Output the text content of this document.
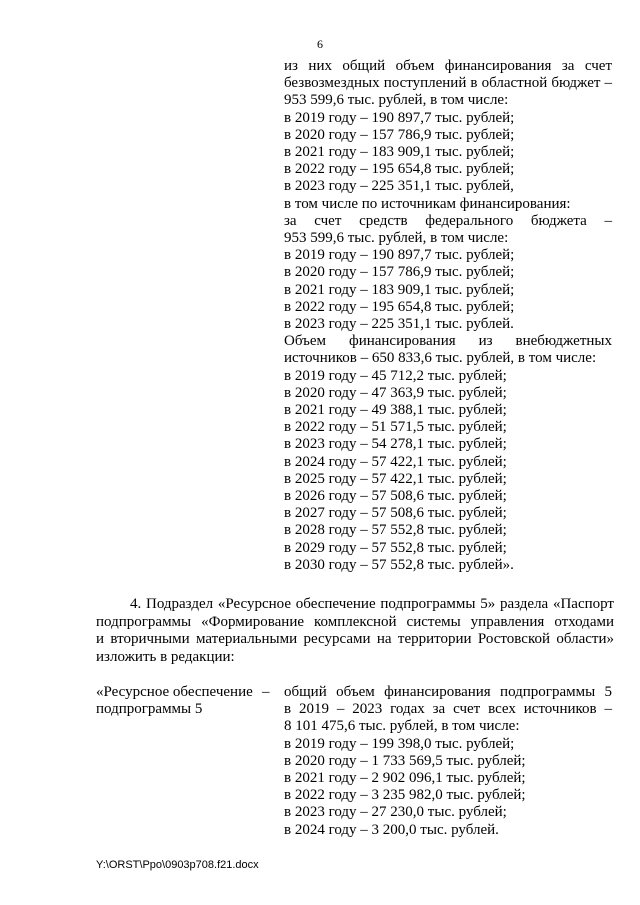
6
из них общий объем финансирования за счет
безвозмездных поступлений в областной бюджет –
953 599,6 тыс. рублей, в том числе:
в 2019 году – 190 897,7 тыс. рублей;
в 2020 году – 157 786,9 тыс. рублей;
в 2021 году – 183 909,1 тыс. рублей;
в 2022 году – 195 654,8 тыс. рублей;
в 2023 году – 225 351,1 тыс. рублей,
в том числе по источникам финансирования:
за счет средств федерального бюджета –
953 599,6 тыс. рублей, в том числе:
в 2019 году – 190 897,7 тыс. рублей;
в 2020 году – 157 786,9 тыс. рублей;
в 2021 году – 183 909,1 тыс. рублей;
в 2022 году – 195 654,8 тыс. рублей;
в 2023 году – 225 351,1 тыс. рублей.
Объем финансирования из внебюджетных
источников – 650 833,6 тыс. рублей, в том числе:
в 2019 году – 45 712,2 тыс. рублей;
в 2020 году – 47 363,9 тыс. рублей;
в 2021 году – 49 388,1 тыс. рублей;
в 2022 году – 51 571,5 тыс. рублей;
в 2023 году – 54 278,1 тыс. рублей;
в 2024 году – 57 422,1 тыс. рублей;
в 2025 году – 57 422,1 тыс. рублей;
в 2026 году – 57 508,6 тыс. рублей;
в 2027 году – 57 508,6 тыс. рублей;
в 2028 году – 57 552,8 тыс. рублей;
в 2029 году – 57 552,8 тыс. рублей;
в 2030 году – 57 552,8 тыс. рублей».
4. Подраздел «Ресурсное обеспечение подпрограммы 5» раздела «Паспорт
подпрограммы «Формирование комплексной системы управления отходами
и вторичными материальными ресурсами на территории Ростовской области»
изложить в редакции:
«Ресурсное обеспечение
подпрограммы 5
– общий объем финансирования подпрограммы 5
в 2019 – 2023 годах за счет всех источников –
8 101 475,6 тыс. рублей, в том числе:
в 2019 году – 199 398,0 тыс. рублей;
в 2020 году – 1 733 569,5 тыс. рублей;
в 2021 году – 2 902 096,1 тыс. рублей;
в 2022 году – 3 235 982,0 тыс. рублей;
в 2023 году – 27 230,0 тыс. рублей;
в 2024 году – 3 200,0 тыс. рублей.
Y:\ORST\Ppo\0903p708.f21.docx
